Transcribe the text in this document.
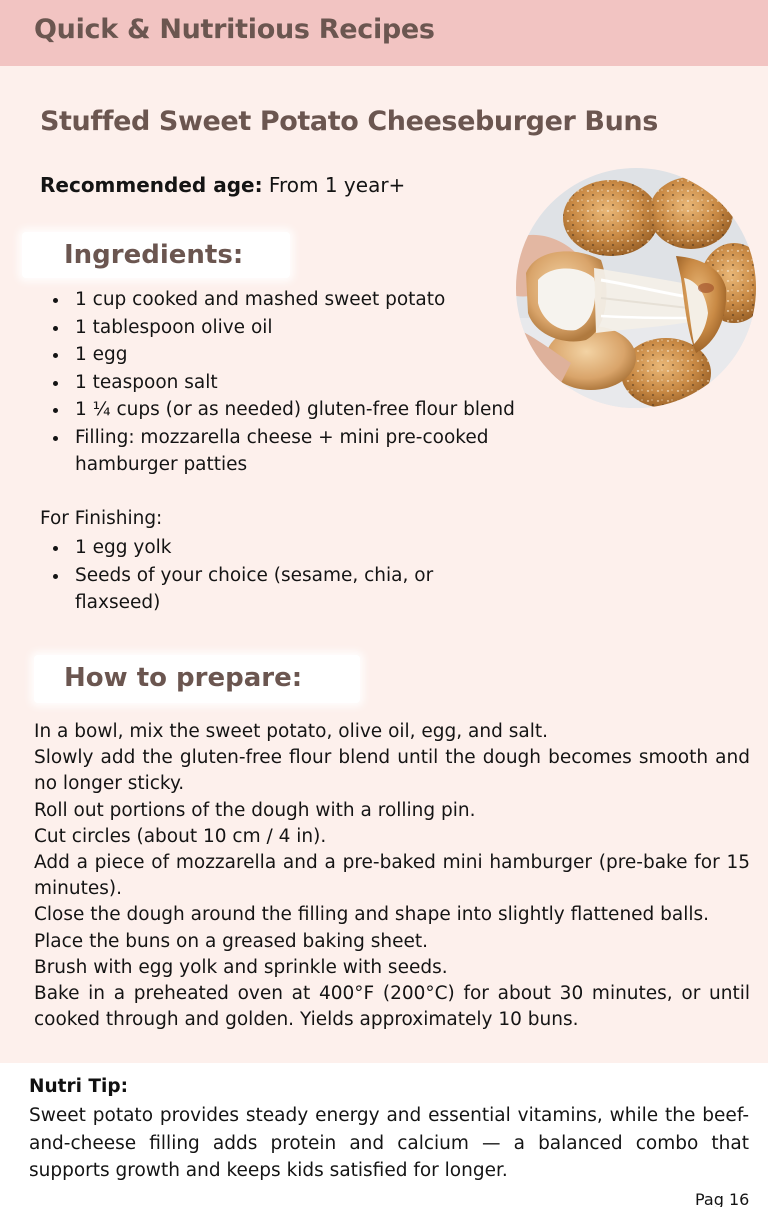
Quick & Nutritious Recipes
Stuffed Sweet Potato Cheeseburger Buns
Recommended age: From 1 year+
Ingredients:
1 cup cooked and mashed sweet potato
1 tablespoon olive oil
1 egg
1 teaspoon salt
1 ¼ cups (or as needed) gluten-free flour blend
Filling: mozzarella cheese + mini pre-cooked hamburger patties
For Finishing:
1 egg yolk
Seeds of your choice (sesame, chia, or flaxseed)
How to prepare:

In a bowl, mix the sweet potato, olive oil, egg, and salt.

Slowly add the gluten-free flour blend until the dough becomes smooth and no longer sticky.

Roll out portions of the dough with a rolling pin.

Cut circles (about 10 cm / 4 in).

Add a piece of mozzarella and a pre-baked mini hamburger (pre-bake for 15 minutes).

Close the dough around the filling and shape into slightly flattened balls.

Place the buns on a greased baking sheet.

Brush with egg yolk and sprinkle with seeds.

Bake in a preheated oven at 400°F (200°C) for about 30 minutes, or until cooked through and golden. Yields approximately 10 buns.

Nutri Tip:
Sweet potato provides steady energy and essential vitamins, while the beef-and-cheese filling adds protein and calcium — a balanced combo that supports growth and keeps kids satisfied for longer.
Pag 16
